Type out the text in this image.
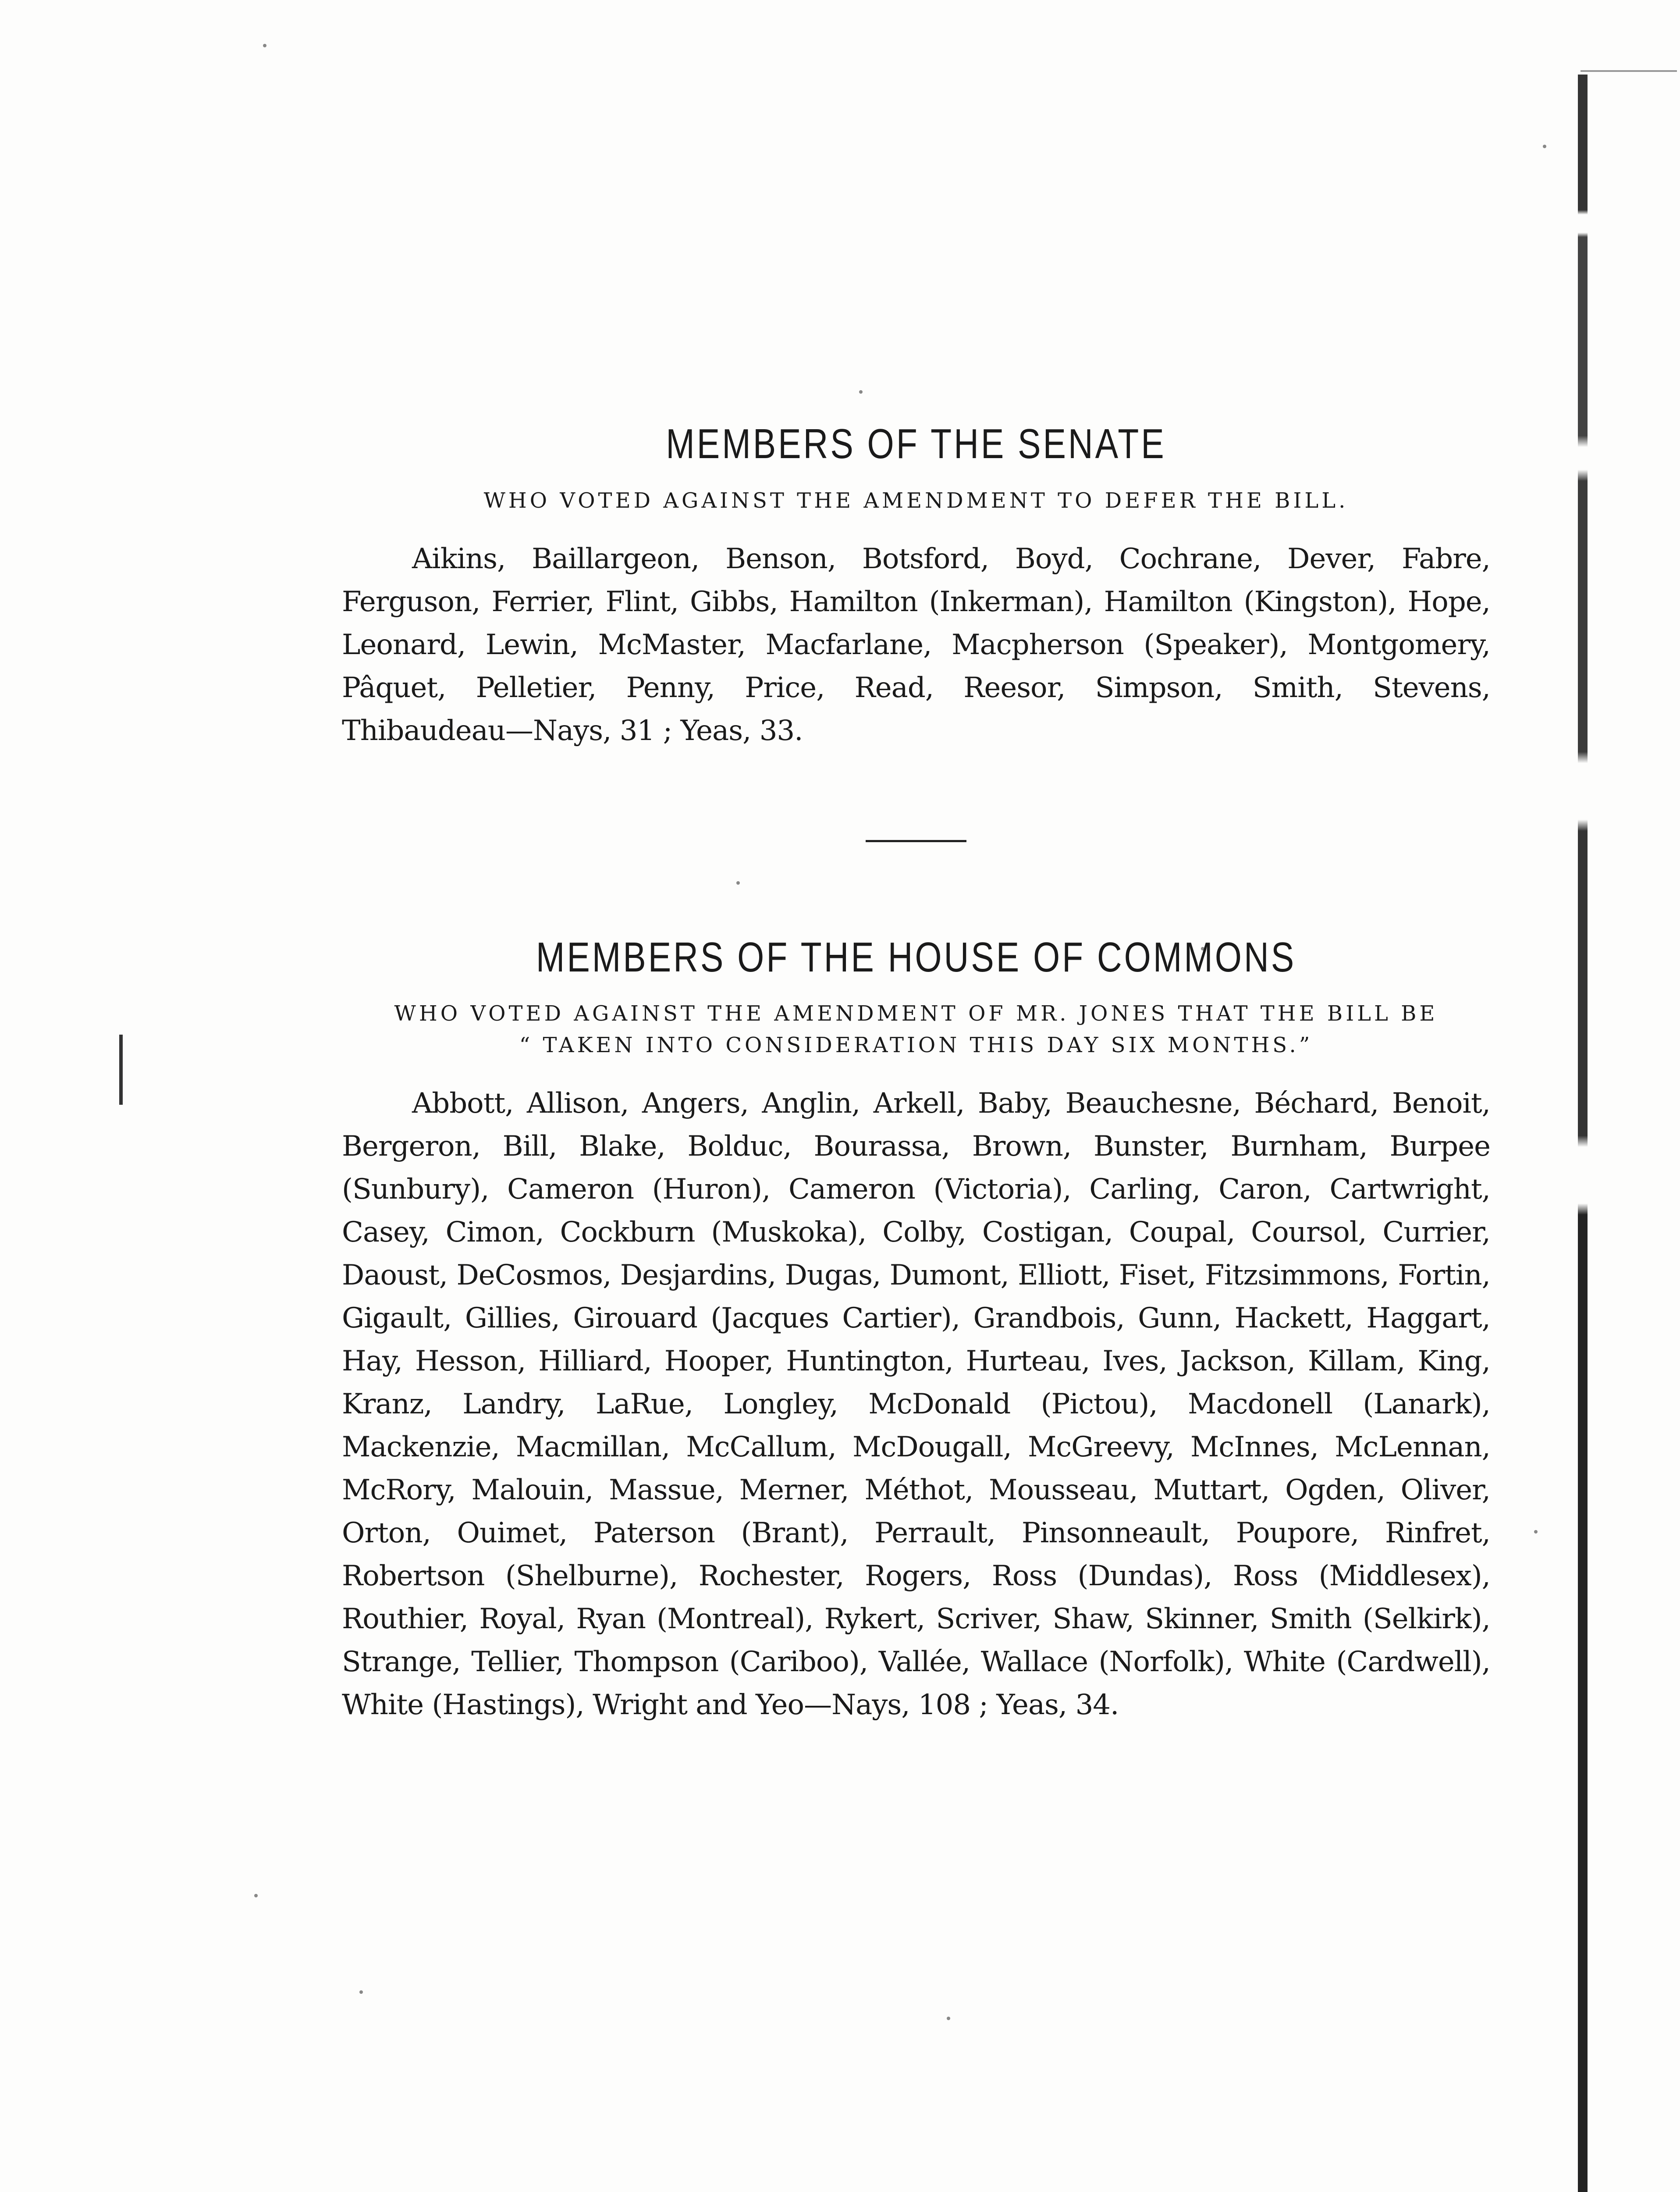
MEMBERS OF THE SENATE

WHO VOTED AGAINST THE AMENDMENT TO DEFER THE BILL.

Aikins, Baillargeon, Benson, Botsford, Boyd, Cochrane, Dever, Fabre, Ferguson, Ferrier, Flint, Gibbs, Hamilton (Inkerman), Hamilton (Kingston), Hope, Leonard, Lewin, McMaster, Macfarlane, Macpherson (Speaker), Montgomery, Pâquet, Pelletier, Penny, Price, Read, Reesor, Simpson, Smith, Stevens, Thibaudeau—Nays, 31 ; Yeas, 33.

MEMBERS OF THE HOUSE OF COMMONS

WHO VOTED AGAINST THE AMENDMENT OF MR. JONES THAT THE BILL BE
“ TAKEN INTO CONSIDERATION THIS DAY SIX MONTHS.”

Abbott, Allison, Angers, Anglin, Arkell, Baby, Beauchesne, Béchard, Benoit, Bergeron, Bill, Blake, Bolduc, Bourassa, Brown, Bunster, Burnham, Burpee (Sunbury), Cameron (Huron), Cameron (Victoria), Carling, Caron, Cartwright, Casey, Cimon, Cockburn (Muskoka), Colby, Costigan, Coupal, Coursol, Currier, Daoust, DeCosmos, Desjardins, Dugas, Dumont, Elliott, Fiset, Fitzsimmons, Fortin, Gigault, Gillies, Girouard (Jacques Cartier), Grandbois, Gunn, Hackett, Haggart, Hay, Hesson, Hilliard, Hooper, Huntington, Hurteau, Ives, Jackson, Killam, King, Kranz, Landry, LaRue, Longley, McDonald (Pictou), Macdonell (Lanark), Mackenzie, Macmillan, McCallum, McDougall, McGreevy, McInnes, McLennan, McRory, Malouin, Massue, Merner, Méthot, Mousseau, Muttart, Ogden, Oliver, Orton, Ouimet, Paterson (Brant), Perrault, Pinsonneault, Poupore, Rinfret, Robertson (Shelburne), Rochester, Rogers, Ross (Dundas), Ross (Middlesex), Routhier, Royal, Ryan (Montreal), Rykert, Scriver, Shaw, Skinner, Smith (Selkirk), Strange, Tellier, Thompson (Cariboo), Vallée, Wallace (Norfolk), White (Cardwell), White (Hastings), Wright and Yeo—Nays, 108 ; Yeas, 34.
